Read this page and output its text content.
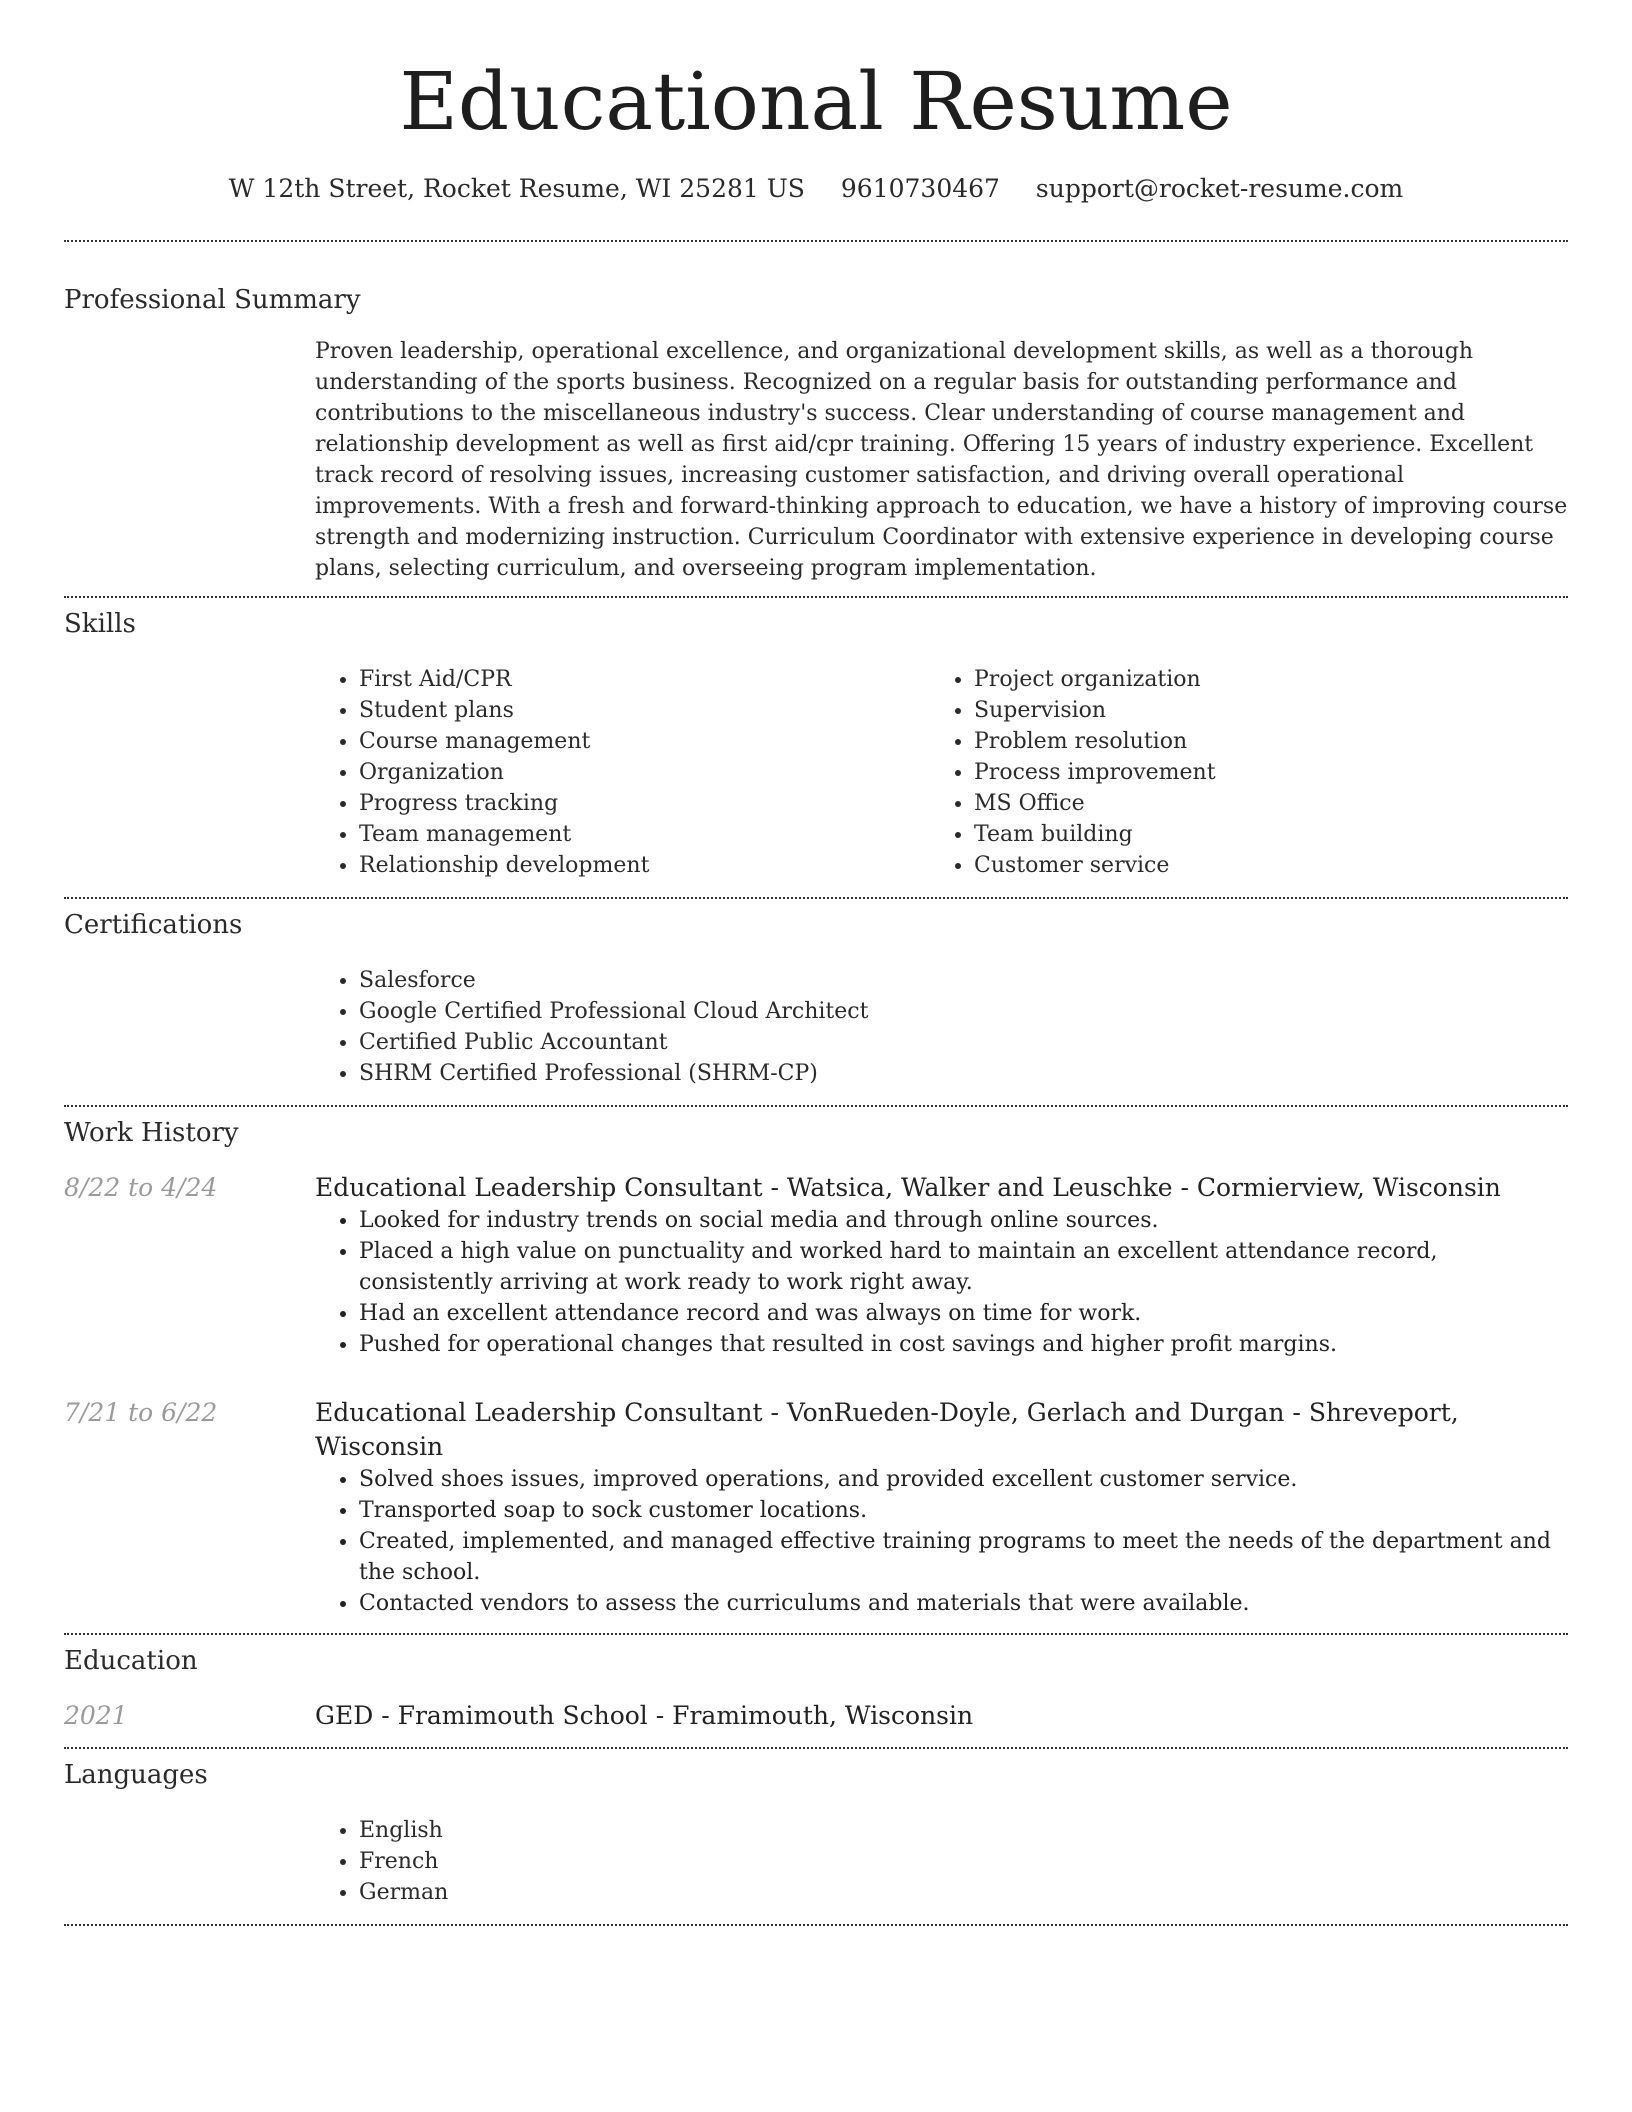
Educational Resume
W 12th Street, Rocket Resume, WI 25281 US 9610730467 support@rocket-resume.com
Professional Summary
Proven leadership, operational excellence, and organizational development skills, as well as a thorough understanding of the sports business. Recognized on a regular basis for outstanding performance and contributions to the miscellaneous industry's success. Clear understanding of course management and relationship development as well as first aid/cpr training. Offering 15 years of industry experience. Excellent track record of resolving issues, increasing customer satisfaction, and driving overall operational improvements. With a fresh and forward-thinking approach to education, we have a history of improving course strength and modernizing instruction. Curriculum Coordinator with extensive experience in developing course plans, selecting curriculum, and overseeing program implementation.
Skills
• First Aid/CPR
• Student plans
• Course management
• Organization
• Progress tracking
• Team management
• Relationship development
• Project organization
• Supervision
• Problem resolution
• Process improvement
• MS Office
• Team building
• Customer service
Certifications
• Salesforce
• Google Certified Professional Cloud Architect
• Certified Public Accountant
• SHRM Certified Professional (SHRM-CP)
Work History
8/22 to 4/24	Educational Leadership Consultant - Watsica, Walker and Leuschke - Cormierview, Wisconsin
• Looked for industry trends on social media and through online sources.
• Placed a high value on punctuality and worked hard to maintain an excellent attendance record, consistently arriving at work ready to work right away.
• Had an excellent attendance record and was always on time for work.
• Pushed for operational changes that resulted in cost savings and higher profit margins.
7/21 to 6/22	Educational Leadership Consultant - VonRueden-Doyle, Gerlach and Durgan - Shreveport, Wisconsin
• Solved shoes issues, improved operations, and provided excellent customer service.
• Transported soap to sock customer locations.
• Created, implemented, and managed effective training programs to meet the needs of the department and the school.
• Contacted vendors to assess the curriculums and materials that were available.
Education
2021	GED - Framimouth School - Framimouth, Wisconsin
Languages
• English
• French
• German
